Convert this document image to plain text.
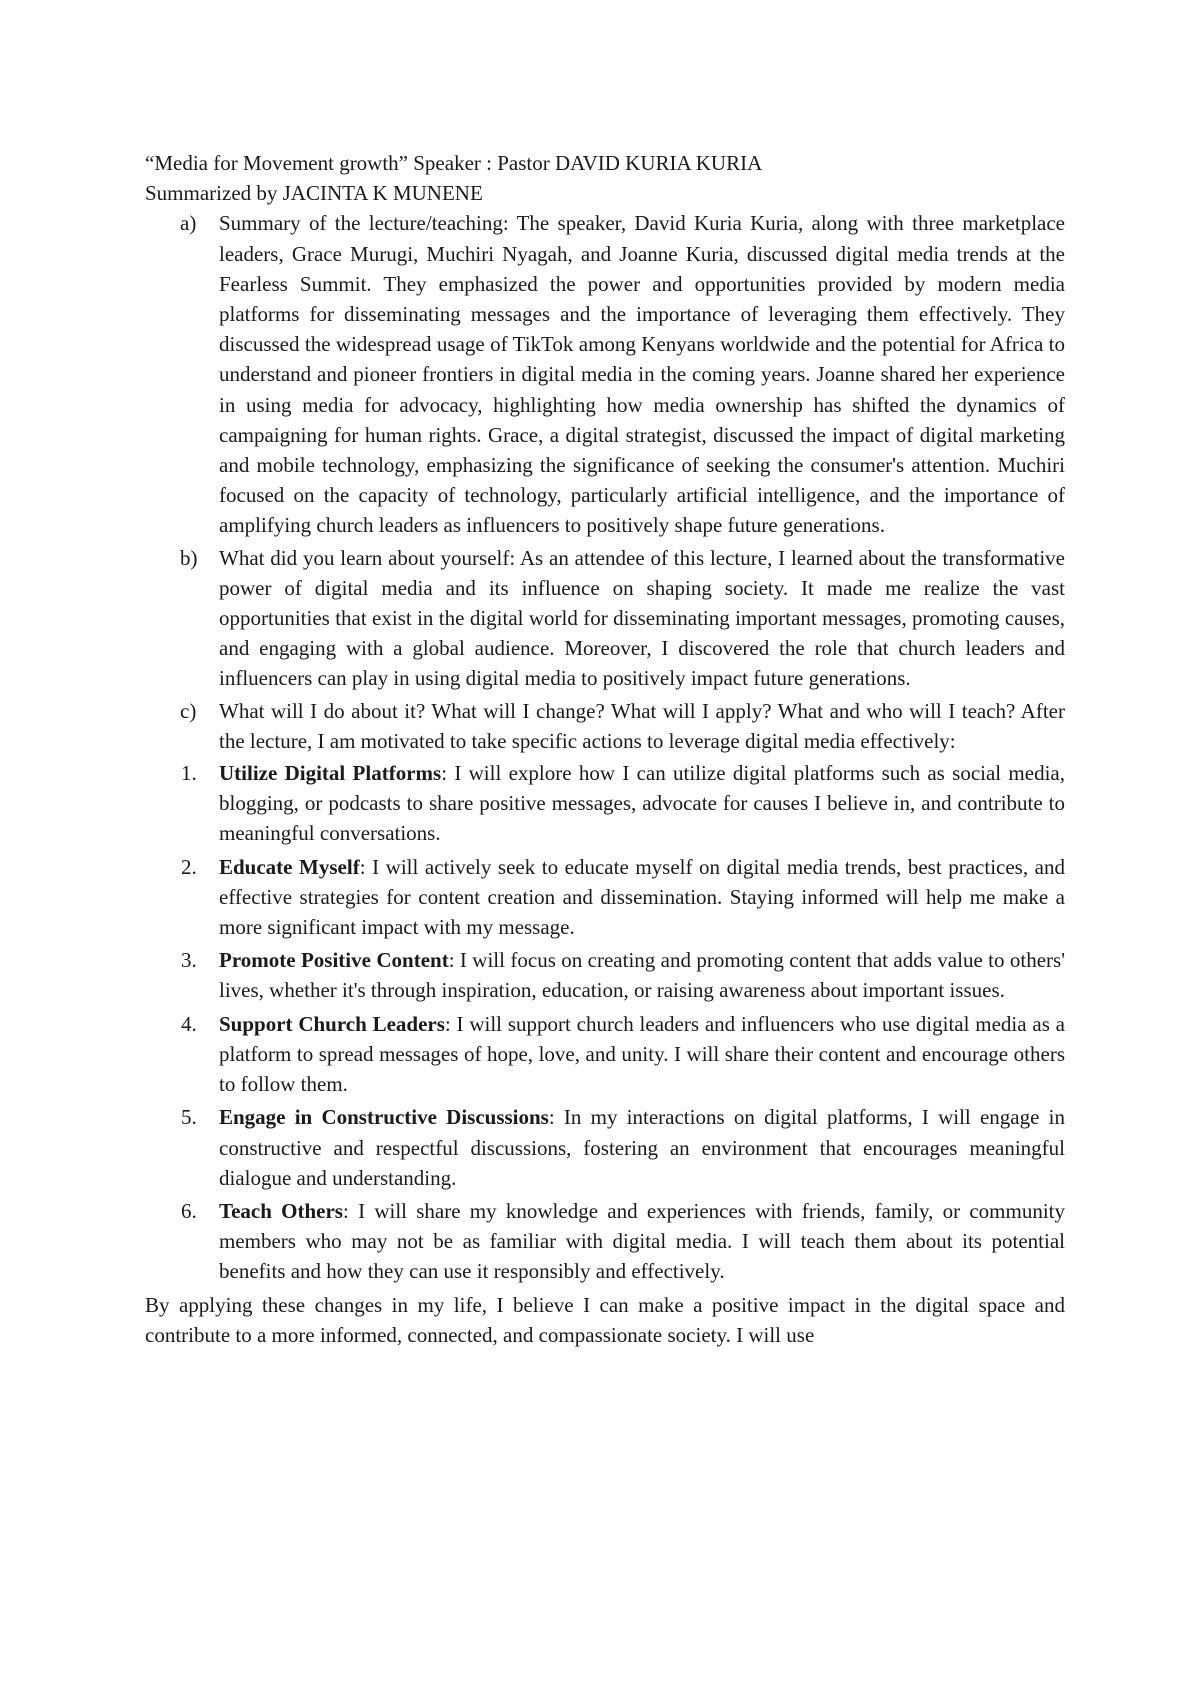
“Media for Movement growth” Speaker : Pastor DAVID KURIA KURIA

Summarized by JACINTA K MUNENE

a) Summary of the lecture/teaching: The speaker, David Kuria Kuria, along with three marketplace leaders, Grace Murugi, Muchiri Nyagah, and Joanne Kuria, discussed digital media trends at the Fearless Summit. They emphasized the power and opportunities provided by modern media platforms for disseminating messages and the importance of leveraging them effectively. They discussed the widespread usage of TikTok among Kenyans worldwide and the potential for Africa to understand and pioneer frontiers in digital media in the coming years. Joanne shared her experience in using media for advocacy, highlighting how media ownership has shifted the dynamics of campaigning for human rights. Grace, a digital strategist, discussed the impact of digital marketing and mobile technology, emphasizing the significance of seeking the consumer's attention. Muchiri focused on the capacity of technology, particularly artificial intelligence, and the importance of amplifying church leaders as influencers to positively shape future generations.
b) What did you learn about yourself: As an attendee of this lecture, I learned about the transformative power of digital media and its influence on shaping society. It made me realize the vast opportunities that exist in the digital world for disseminating important messages, promoting causes, and engaging with a global audience. Moreover, I discovered the role that church leaders and influencers can play in using digital media to positively impact future generations.
c) What will I do about it? What will I change? What will I apply? What and who will I teach? After the lecture, I am motivated to take specific actions to leverage digital media effectively:
1. Utilize Digital Platforms: I will explore how I can utilize digital platforms such as social media, blogging, or podcasts to share positive messages, advocate for causes I believe in, and contribute to meaningful conversations.
2. Educate Myself: I will actively seek to educate myself on digital media trends, best practices, and effective strategies for content creation and dissemination. Staying informed will help me make a more significant impact with my message.
3. Promote Positive Content: I will focus on creating and promoting content that adds value to others' lives, whether it's through inspiration, education, or raising awareness about important issues.
4. Support Church Leaders: I will support church leaders and influencers who use digital media as a platform to spread messages of hope, love, and unity. I will share their content and encourage others to follow them.
5. Engage in Constructive Discussions: In my interactions on digital platforms, I will engage in constructive and respectful discussions, fostering an environment that encourages meaningful dialogue and understanding.
6. Teach Others: I will share my knowledge and experiences with friends, family, or community members who may not be as familiar with digital media. I will teach them about its potential benefits and how they can use it responsibly and effectively.

By applying these changes in my life, I believe I can make a positive impact in the digital space and contribute to a more informed, connected, and compassionate society. I will use
